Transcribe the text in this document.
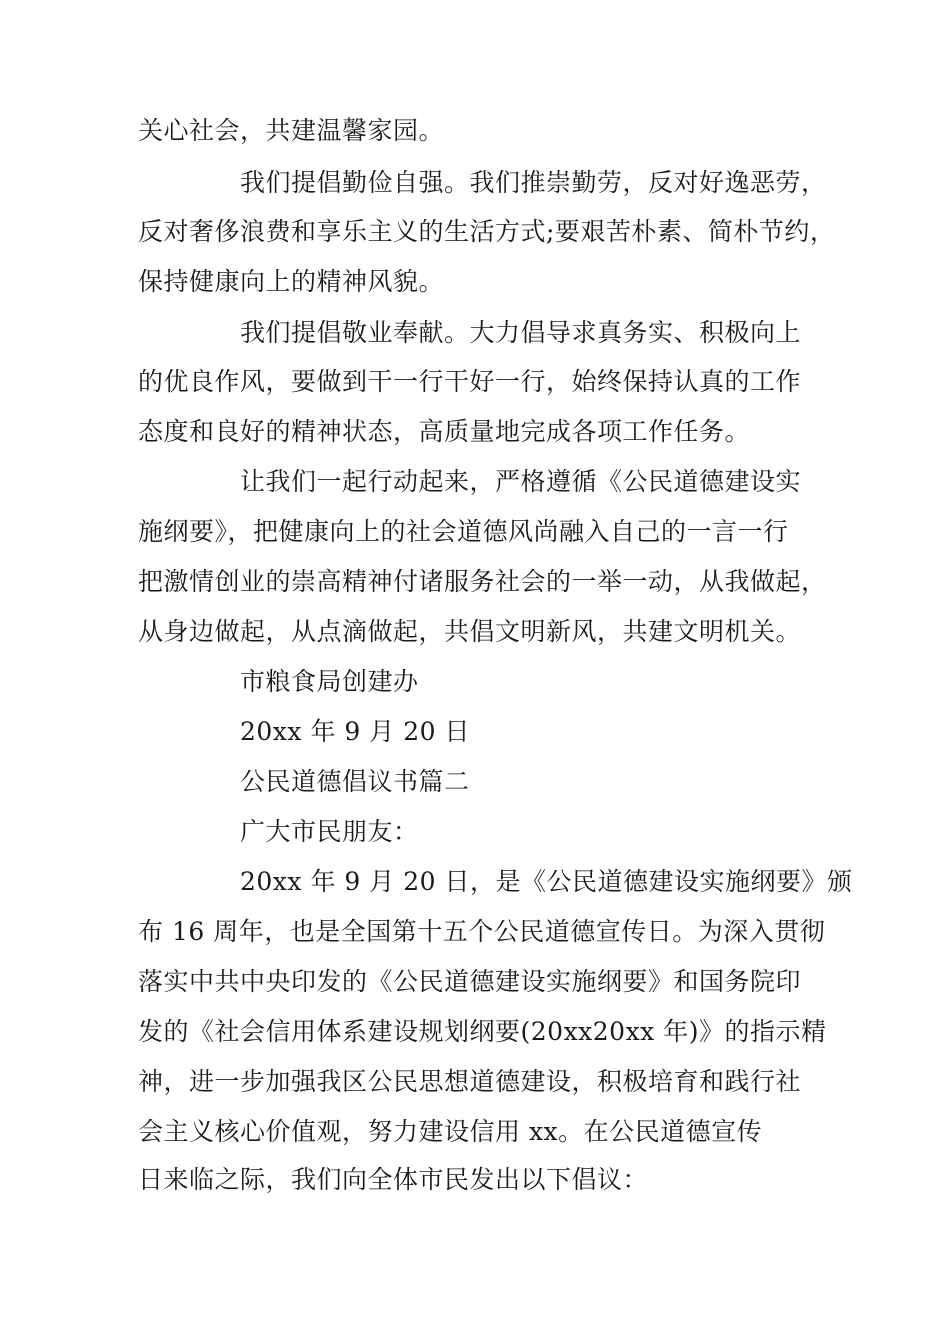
关心社会，共建温馨家园。
我们提倡勤俭自强。我们推崇勤劳，反对好逸恶劳，
反对奢侈浪费和享乐主义的生活方式;要艰苦朴素、简朴节约，
保持健康向上的精神风貌。
我们提倡敬业奉献。大力倡导求真务实、积极向上
的优良作风，要做到干一行干好一行，始终保持认真的工作
态度和良好的精神状态，高质量地完成各项工作任务。
让我们一起行动起来，严格遵循《公民道德建设实
施纲要》，把健康向上的社会道德风尚融入自己的一言一行
把激情创业的崇高精神付诸服务社会的一举一动，从我做起，
从身边做起，从点滴做起，共倡文明新风，共建文明机关。
市粮食局创建办
20xx 年 9 月 20 日
公民道德倡议书篇二
广大市民朋友：
20xx 年 9 月 20 日，是《公民道德建设实施纲要》颁
布 16 周年，也是全国第十五个公民道德宣传日。为深入贯彻
落实中共中央印发的《公民道德建设实施纲要》和国务院印
发的《社会信用体系建设规划纲要(20xx20xx 年)》的指示精
神，进一步加强我区公民思想道德建设，积极培育和践行社
会主义核心价值观，努力建设信用 xx。在公民道德宣传
日来临之际，我们向全体市民发出以下倡议：
